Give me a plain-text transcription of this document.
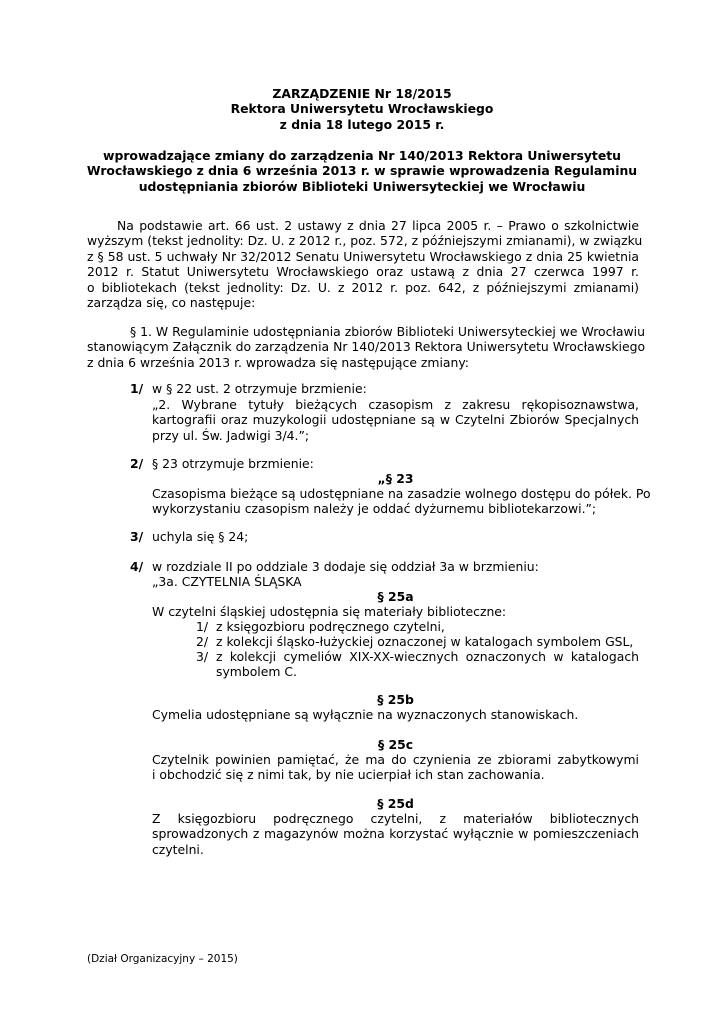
ZARZĄDZENIE Nr 18/2015
Rektora Uniwersytetu Wrocławskiego
z dnia 18 lutego 2015 r.
wprowadzające zmiany do zarządzenia Nr 140/2013 Rektora Uniwersytetu
Wrocławskiego z dnia 6 września 2013 r. w sprawie wprowadzenia Regulaminu
udostępniania zbiorów Biblioteki Uniwersyteckiej we Wrocławiu
Na podstawie art. 66 ust. 2 ustawy z dnia 27 lipca 2005 r. – Prawo o szkolnictwie
wyższym (tekst jednolity: Dz. U. z 2012 r., poz. 572, z późniejszymi zmianami), w związku
z § 58 ust. 5 uchwały Nr 32/2012 Senatu Uniwersytetu Wrocławskiego z dnia 25 kwietnia
2012 r. Statut Uniwersytetu Wrocławskiego oraz ustawą z dnia 27 czerwca 1997 r.
o bibliotekach (tekst jednolity: Dz. U. z 2012 r. poz. 642, z późniejszymi zmianami)
zarządza się, co następuje:
§ 1. W Regulaminie udostępniania zbiorów Biblioteki Uniwersyteckiej we Wrocławiu
stanowiącym Załącznik do zarządzenia Nr 140/2013 Rektora Uniwersytetu Wrocławskiego
z dnia 6 września 2013 r. wprowadza się następujące zmiany:
1/ w § 22 ust. 2 otrzymuje brzmienie:
„2. Wybrane tytuły bieżących czasopism z zakresu rękopisoznawstwa,
kartografii oraz muzykologii udostępniane są w Czytelni Zbiorów Specjalnych
przy ul. Św. Jadwigi 3/4.”;
2/ § 23 otrzymuje brzmienie:
„§ 23
Czasopisma bieżące są udostępniane na zasadzie wolnego dostępu do półek. Po
wykorzystaniu czasopism należy je oddać dyżurnemu bibliotekarzowi.”;
3/ uchyla się § 24;
4/ w rozdziale II po oddziale 3 dodaje się oddział 3a w brzmieniu:
„3a. CZYTELNIA ŚLĄSKA
§ 25a
W czytelni śląskiej udostępnia się materiały biblioteczne:
1/ z księgozbioru podręcznego czytelni,
2/ z kolekcji śląsko-łużyckiej oznaczonej w katalogach symbolem GSL,
3/ z kolekcji cymeliów XIX-XX-wiecznych oznaczonych w katalogach
symbolem C.
§ 25b
Cymelia udostępniane są wyłącznie na wyznaczonych stanowiskach.
§ 25c
Czytelnik powinien pamiętać, że ma do czynienia ze zbiorami zabytkowymi
i obchodzić się z nimi tak, by nie ucierpiał ich stan zachowania.
§ 25d
Z księgozbioru podręcznego czytelni, z materiałów bibliotecznych
sprowadzonych z magazynów można korzystać wyłącznie w pomieszczeniach
czytelni.
(Dział Organizacyjny – 2015)
